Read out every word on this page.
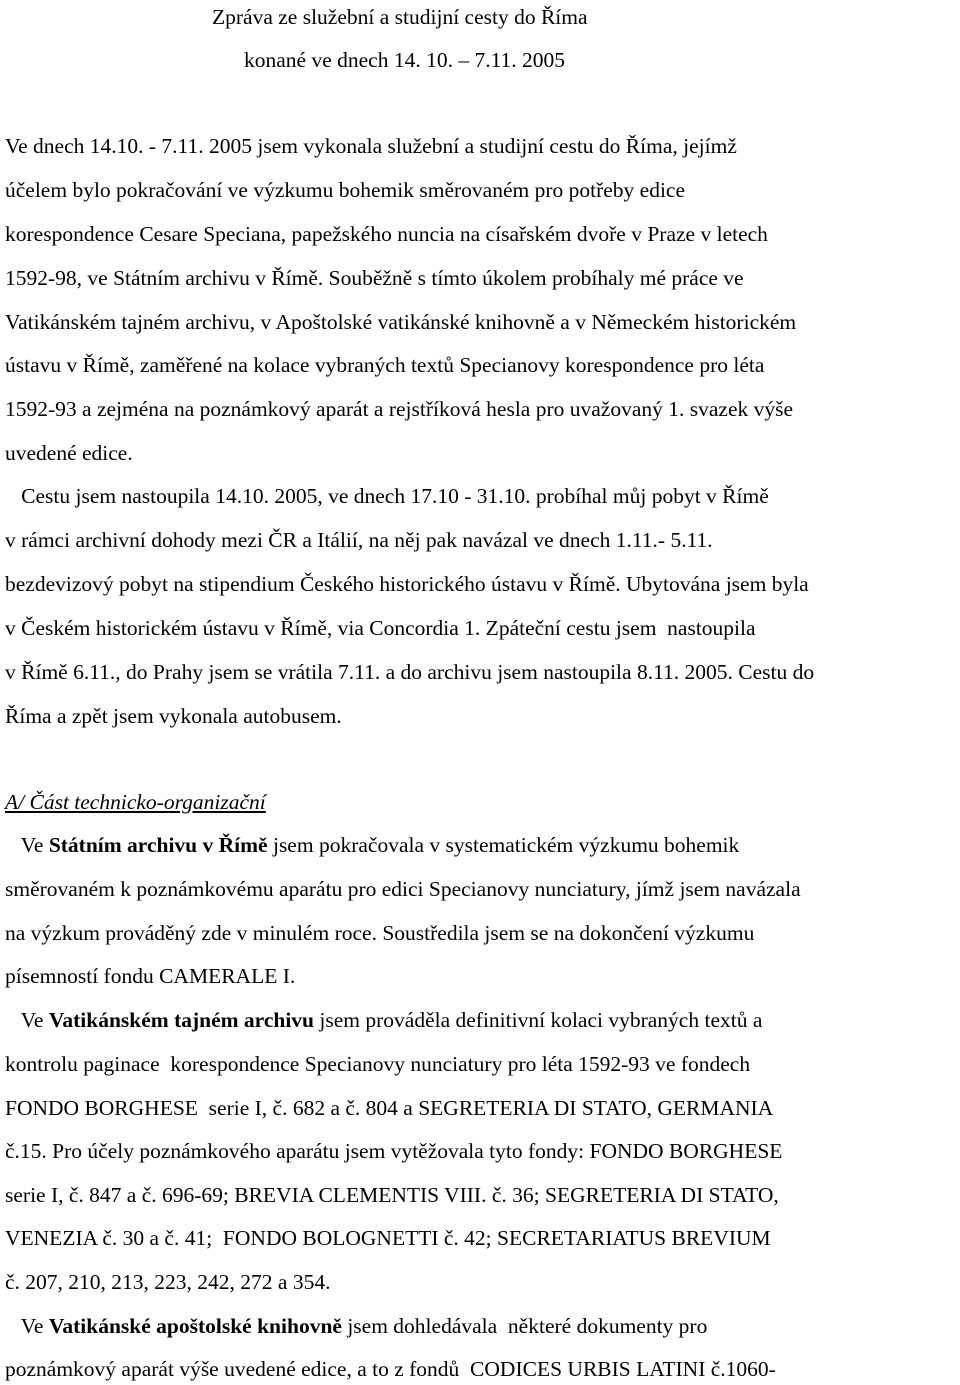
Zpráva ze služební a studijní cesty do Říma
konané ve dnech 14. 10. – 7.11. 2005
Ve dnech 14.10. - 7.11. 2005 jsem vykonala služební a studijní cestu do Říma, jejímž
účelem bylo pokračování ve výzkumu bohemik směrovaném pro potřeby edice
korespondence Cesare Speciana, papežského nuncia na císařském dvoře v Praze v letech
1592-98, ve Státním archivu v Římě. Souběžně s tímto úkolem probíhaly mé práce ve
Vatikánském tajném archivu, v Apoštolské vatikánské knihovně a v Německém historickém
ústavu v Římě, zaměřené na kolace vybraných textů Specianovy korespondence pro léta
1592-93 a zejména na poznámkový aparát a rejstříková hesla pro uvažovaný 1. svazek výše
uvedené edice.
Cestu jsem nastoupila 14.10. 2005, ve dnech 17.10 - 31.10. probíhal můj pobyt v Římě
v rámci archivní dohody mezi ČR a Itálií, na něj pak navázal ve dnech 1.11.- 5.11.
bezdevizový pobyt na stipendium Českého historického ústavu v Římě. Ubytována jsem byla
v Českém historickém ústavu v Římě, via Concordia 1. Zpáteční cestu jsem  nastoupila
v Římě 6.11., do Prahy jsem se vrátila 7.11. a do archivu jsem nastoupila 8.11. 2005. Cestu do
Říma a zpět jsem vykonala autobusem.
A/ Část technicko-organizační
Ve Státním archivu v Římě jsem pokračovala v systematickém výzkumu bohemik
směrovaném k poznámkovému aparátu pro edici Specianovy nunciatury, jímž jsem navázala
na výzkum prováděný zde v minulém roce. Soustředila jsem se na dokončení výzkumu
písemností fondu CAMERALE I.
Ve Vatikánském tajném archivu jsem prováděla definitivní kolaci vybraných textů a
kontrolu paginace  korespondence Specianovy nunciatury pro léta 1592-93 ve fondech
FONDO BORGHESE  serie I, č. 682 a č. 804 a SEGRETERIA DI STATO, GERMANIA
č.15. Pro účely poznámkového aparátu jsem vytěžovala tyto fondy: FONDO BORGHESE
serie I, č. 847 a č. 696-69; BREVIA CLEMENTIS VIII. č. 36; SEGRETERIA DI STATO,
VENEZIA č. 30 a č. 41;  FONDO BOLOGNETTI č. 42; SECRETARIATUS BREVIUM
č. 207, 210, 213, 223, 242, 272 a 354.
Ve Vatikánské apoštolské knihovně jsem dohledávala  některé dokumenty pro
poznámkový aparát výše uvedené edice, a to z fondů  CODICES URBIS LATINI č.1060-
